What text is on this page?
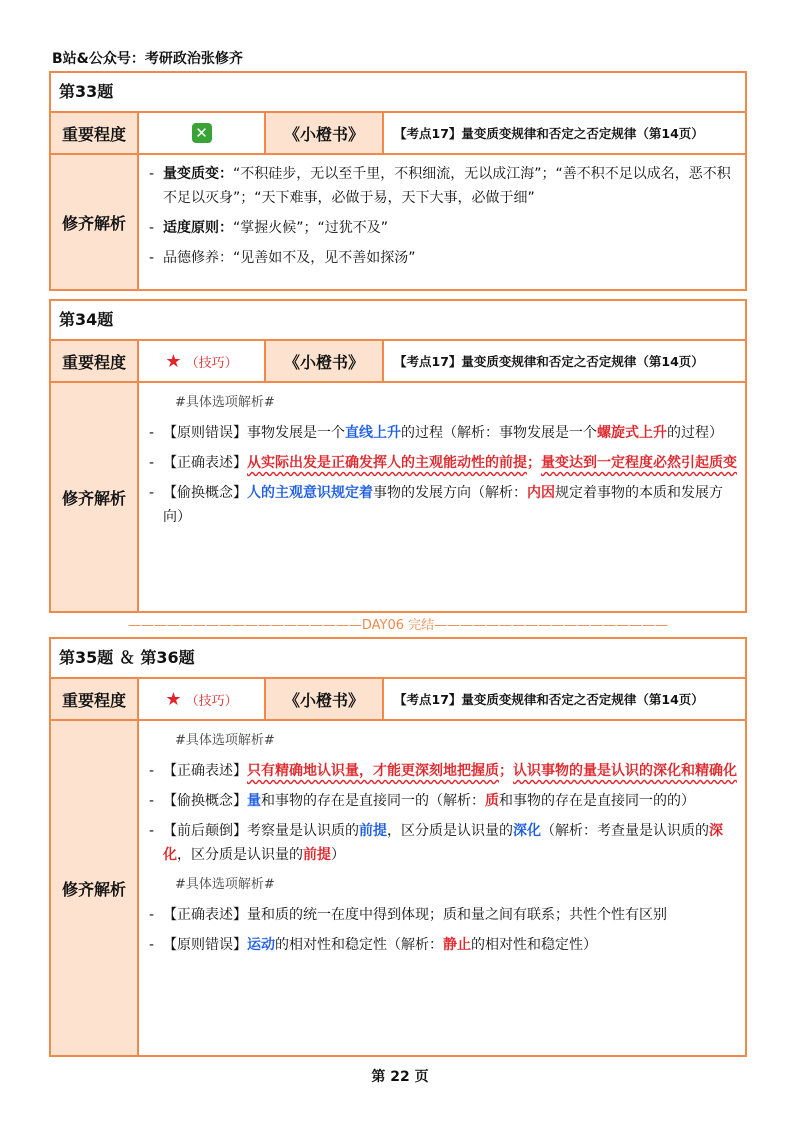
B站&公众号：考研政治张修齐
第33题
重要程度	✕	《小橙书》	【考点17】量变质变规律和否定之否定规律（第14页）
修齐解析
- 量变质变：“不积硅步，无以至千里，不积细流，无以成江海”；“善不积不足以成名，恶不积不足以灭身”；“天下难事，必做于易，天下大事，必做于细”
- 适度原则：“掌握火候”；“过犹不及”
- 品德修养：“见善如不及，见不善如探汤”
第34题
重要程度	★ （技巧）	《小橙书》	【考点17】量变质变规律和否定之否定规律（第14页）
修齐解析
#具体选项解析#
- 【原则错误】事物发展是一个直线上升的过程（解析：事物发展是一个螺旋式上升的过程）
- 【正确表述】从实际出发是正确发挥人的主观能动性的前提；量变达到一定程度必然引起质变
- 【偷换概念】人的主观意识规定着事物的发展方向（解析：内因规定着事物的本质和发展方向）
——————————————————DAY06 完结——————————————————
第35题 ＆ 第36题
重要程度	★ （技巧）	《小橙书》	【考点17】量变质变规律和否定之否定规律（第14页）
修齐解析
#具体选项解析#
- 【正确表述】只有精确地认识量，才能更深刻地把握质；认识事物的量是认识的深化和精确化
- 【偷换概念】量和事物的存在是直接同一的（解析：质和事物的存在是直接同一的的）
- 【前后颠倒】考察量是认识质的前提，区分质是认识量的深化（解析：考查量是认识质的深化，区分质是认识量的前提）
#具体选项解析#
- 【正确表述】量和质的统一在度中得到体现；质和量之间有联系；共性个性有区别
- 【原则错误】运动的相对性和稳定性（解析：静止的相对性和稳定性）
第 22 页
